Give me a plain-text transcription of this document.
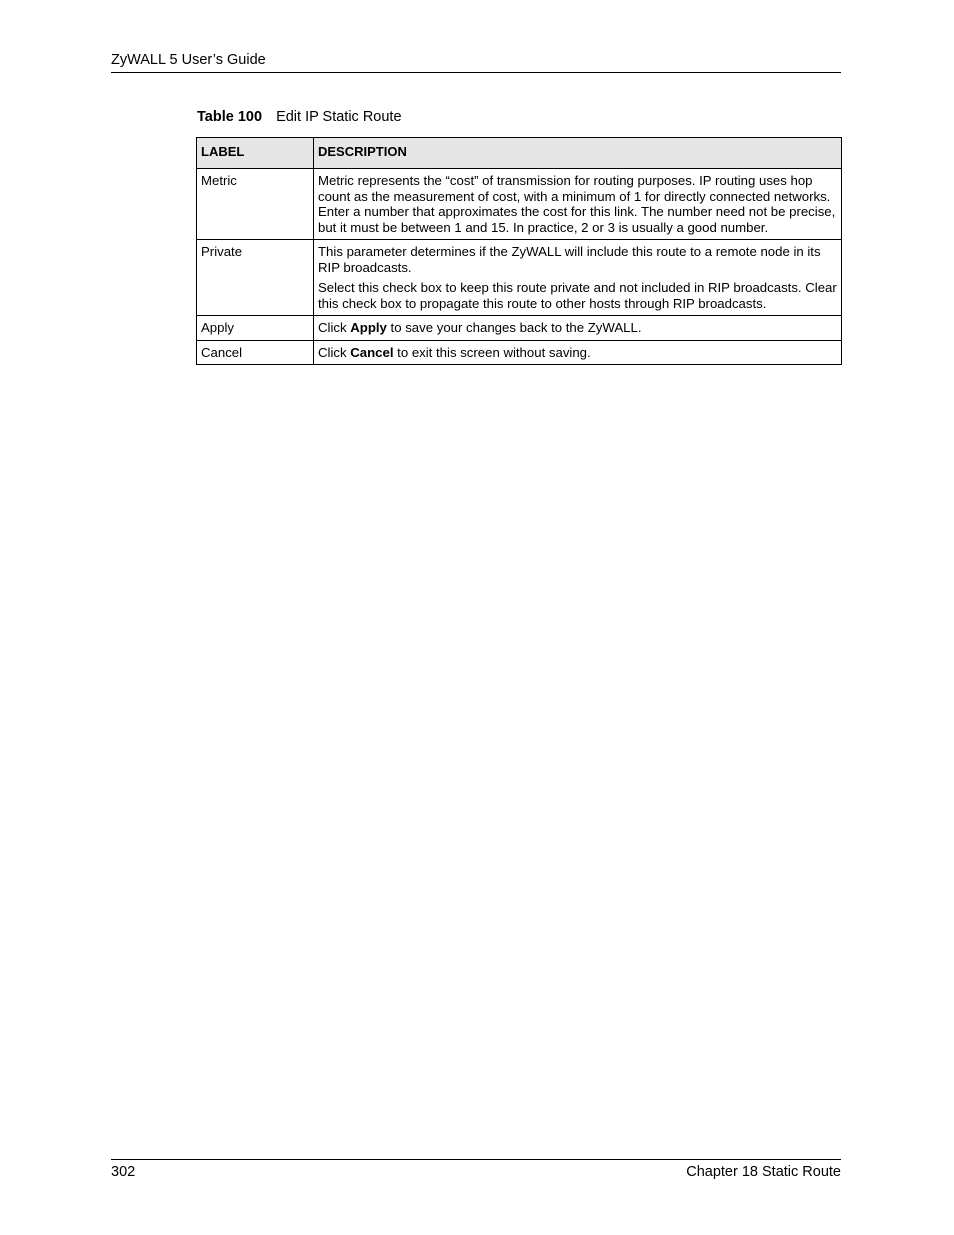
ZyWALL 5 User’s Guide
Table 100 Edit IP Static Route
LABEL	DESCRIPTION
Metric	Metric represents the “cost” of transmission for routing purposes. IP routing uses hop count as the measurement of cost, with a minimum of 1 for directly connected networks. Enter a number that approximates the cost for this link. The number need not be precise, but it must be between 1 and 15. In practice, 2 or 3 is usually a good number.

Private	This parameter determines if the ZyWALL will include this route to a remote node in its RIP broadcasts.

Select this check box to keep this route private and not included in RIP broadcasts. Clear this check box to propagate this route to other hosts through RIP broadcasts.

Apply	Click Apply to save your changes back to the ZyWALL.

Cancel	Click Cancel to exit this screen without saving.

302	Chapter 18 Static Route
